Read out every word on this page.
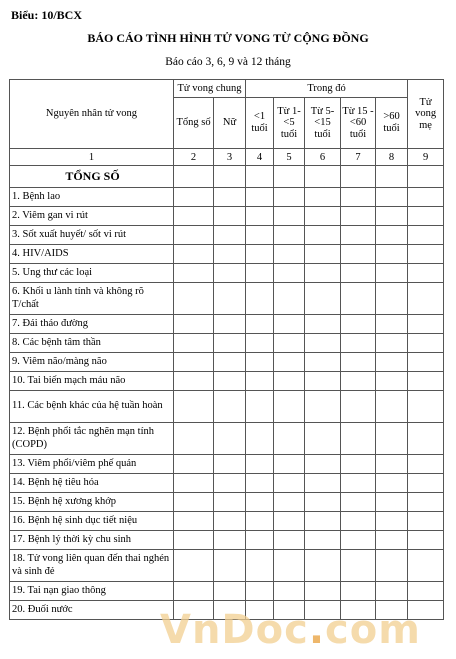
Biểu: 10/BCX
BÁO CÁO TÌNH HÌNH TỬ VONG TỪ CỘNG ĐỒNG
Báo cáo 3, 6, 9 và 12 tháng
Nguyên nhân tử vong	Tử vong chung		Trong đó					Tử vong mẹ
	Tổng số	Nữ	<1 tuổi	Từ 1-<5 tuổi	Từ 5-<15 tuổi	Từ 15 - <60 tuổi	>60 tuổi	
1	2	3	4	5	6	7	8	9
TỔNG SỐ								
1. Bệnh lao								
2. Viêm gan vi rút								
3. Sốt xuất huyết/ sốt vi rút								
4. HIV/AIDS								
5. Ung thư các loại								
6. Khối u lành tính và không rõ T/chất								
7. Đái tháo đường								
8. Các bệnh tâm thần								
9. Viêm não/màng não								
10. Tai biến mạch máu não								
11. Các bệnh khác của hệ tuần hoàn								
12. Bệnh phổi tắc nghẽn mạn tính (COPD)								
13. Viêm phổi/viêm phế quản								
14. Bệnh hệ tiêu hóa								
15. Bệnh hệ xương khớp								
16. Bệnh hệ sinh dục tiết niệu								
17. Bệnh lý thời kỳ chu sinh								
18. Tử vong liên quan đến thai nghén và sinh đẻ								
19. Tai nạn giao thông								
20. Đuối nước								VnDoc.com
